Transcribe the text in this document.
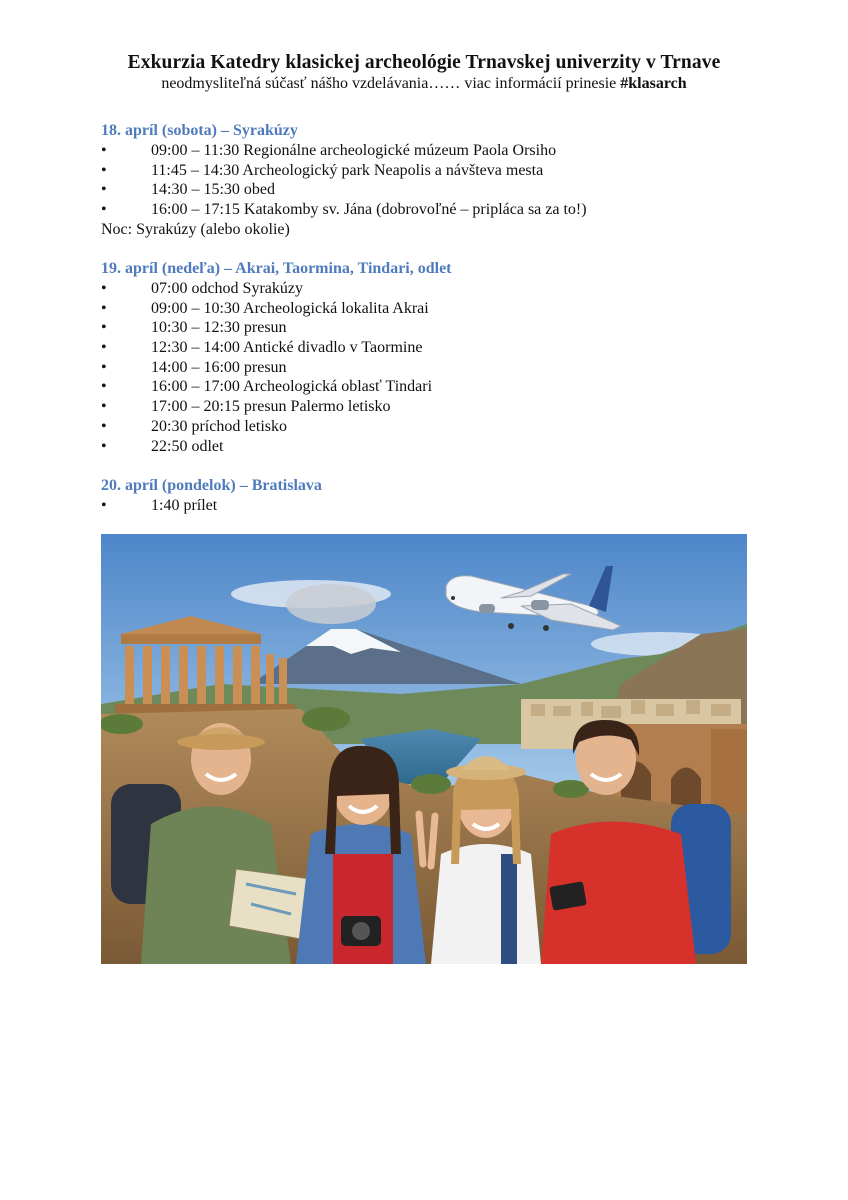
Exkurzia Katedry klasickej archeológie Trnavskej univerzity v Trnave

neodmysliteľná súčasť nášho vzdelávania…… viac informácií prinesie #klasarch

18. apríl (sobota) – Syrakúzy

•	09:00 – 11:30 Regionálne archeologické múzeum Paola Orsiho
•	11:45 – 14:30 Archeologický park Neapolis a návšteva mesta
•	14:30 – 15:30 obed
•	16:00 – 17:15 Katakomby sv. Jána (dobrovoľné – pripláca sa za to!)

Noc: Syrakúzy (alebo okolie)

19. apríl (nedeľa) – Akrai, Taormina, Tindari, odlet

•	07:00 odchod Syrakúzy
•	09:00 – 10:30 Archeologická lokalita Akrai
•	10:30 – 12:30 presun
•	12:30 – 14:00 Antické divadlo v Taormine
•	14:00 – 16:00 presun
•	16:00 – 17:00 Archeologická oblasť Tindari
•	17:00 – 20:15 presun Palermo letisko
•	20:30 príchod letisko
•	22:50 odlet

20. apríl (pondelok) – Bratislava

•	1:40 prílet
